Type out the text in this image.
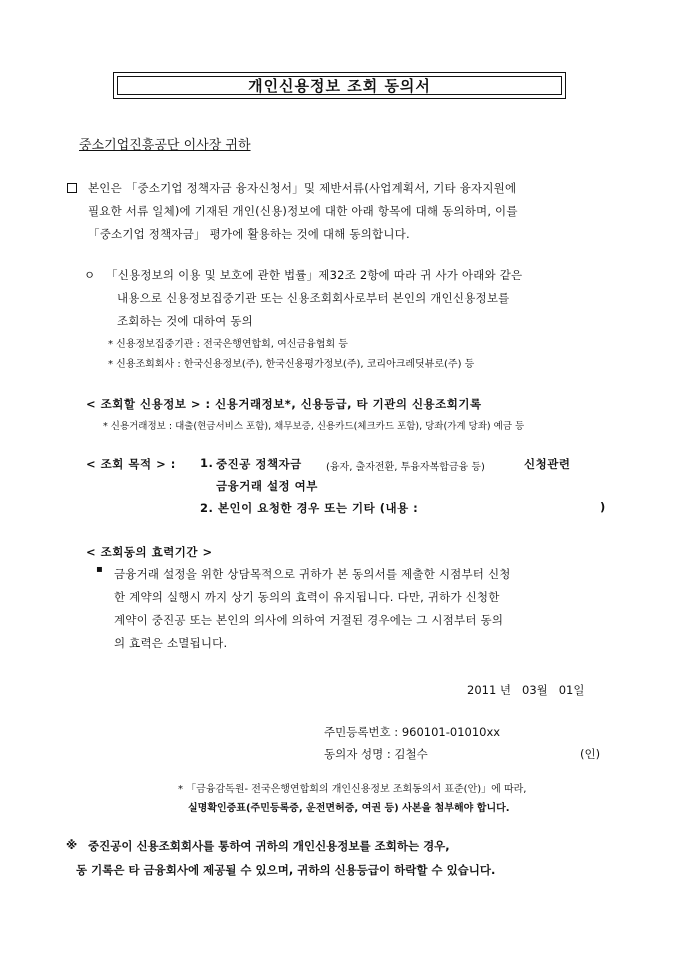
개인신용정보 조회 동의서
중소기업진흥공단 이사장 귀하
본인은 「중소기업 정책자금 융자신청서」및 제반서류(사업계획서, 기타 융자지원에
필요한 서류 일체)에 기재된 개인(신용)정보에 대한 아래 항목에 대해 동의하며, 이를
「중소기업 정책자금」 평가에 활용하는 것에 대해 동의합니다.
ㅇ 「신용정보의 이용 및 보호에 관한 법률」제32조 2항에 따라 귀 사가 아래와 같은
내용으로 신용정보집중기관 또는 신용조회회사로부터 본인의 개인신용정보를
조회하는 것에 대하여 동의
* 신용정보집중기관 : 전국은행연합회, 여신금융협회 등
* 신용조회회사 : 한국신용정보(주), 한국신용평가정보(주), 코리아크레딧뷰로(주) 등
< 조회할 신용정보 > : 신용거래정보*, 신용등급, 타 기관의 신용조회기록
* 신용거래정보 : 대출(현금서비스 포함), 채무보증, 신용카드(체크카드 포함), 당좌(가계 당좌) 예금 등
< 조회 목적 > : 1. 중진공 정책자금 (융자, 출자전환, 투융자복합금융 등)	신청관련
금융거래 설정 여부
2. 본인이 요청한 경우 또는 기타 (내용 :	)
< 조회동의 효력기간 >
▪ 금융거래 설정을 위한 상담목적으로 귀하가 본 동의서를 제출한 시점부터 신청
한 계약의 실행시 까지 상기 동의의 효력이 유지됩니다. 다만, 귀하가 신청한
계약이 중진공 또는 본인의 의사에 의하여 거절된 경우에는 그 시점부터 동의
의 효력은 소멸됩니다.
2011 년   03월   01일
주민등록번호 : 960101-01010xx
동의자 성명 : 김철수	(인)
* 「금융감독원- 전국은행연합회의 개인신용정보 조회동의서 표준(안)」에 따라,
실명확인증표(주민등록증, 운전면허증, 여권 등) 사본을 첨부해야 합니다.
※ 중진공이 신용조회회사를 통하여 귀하의 개인신용정보를 조회하는 경우,
동 기록은 타 금융회사에 제공될 수 있으며, 귀하의 신용등급이 하락할 수 있습니다.
